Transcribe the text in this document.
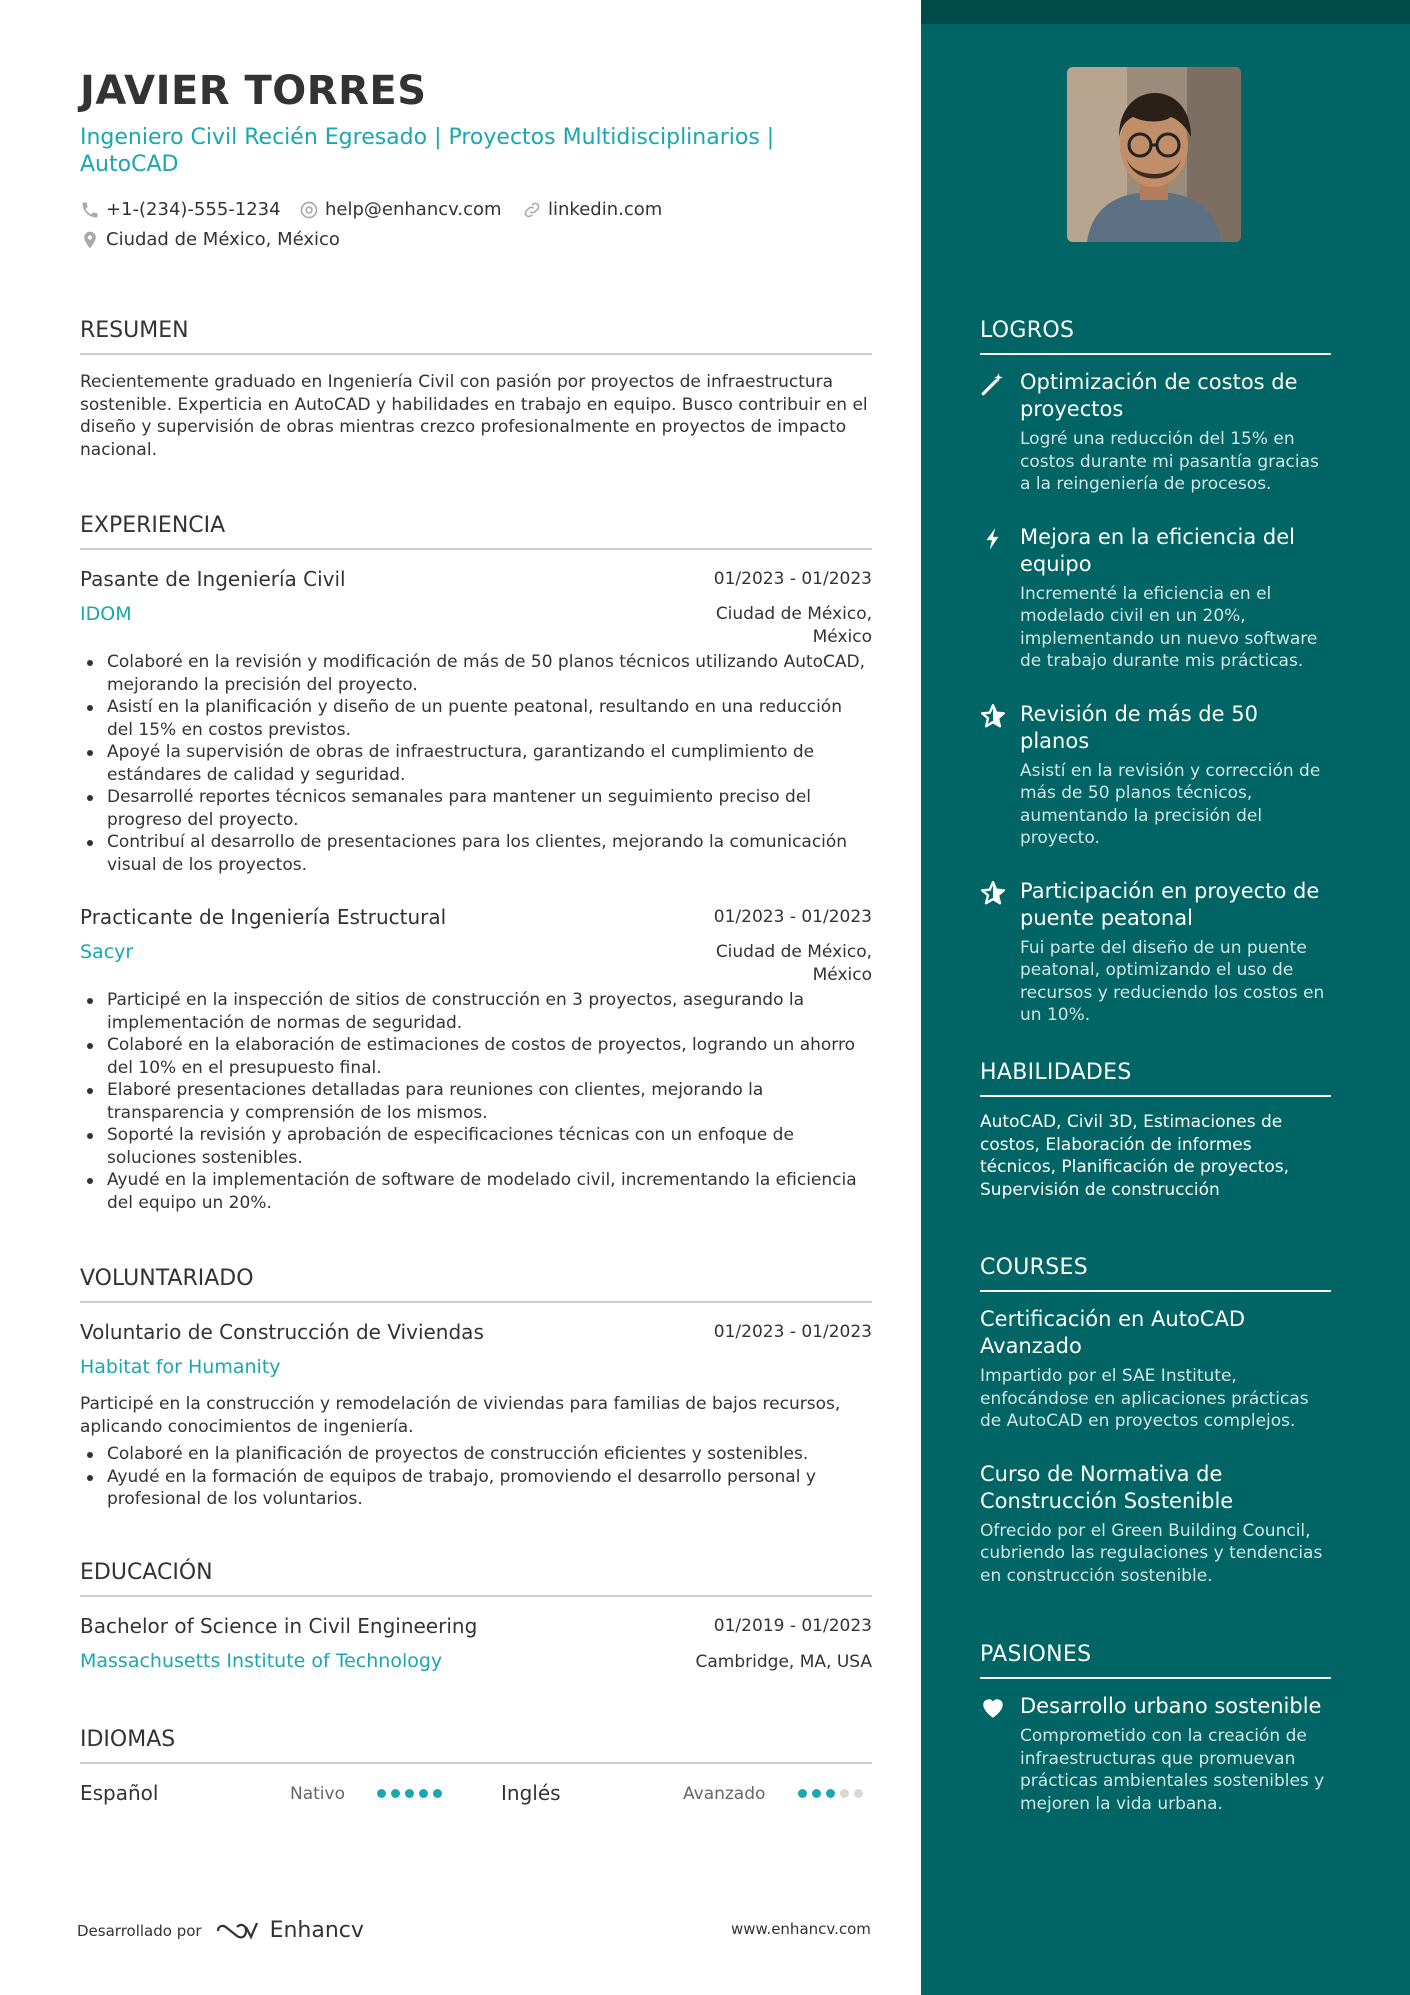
JAVIER TORRES
Ingeniero Civil Recién Egresado | Proyectos Multidisciplinarios | AutoCAD
+1-(234)-555-1234 help@enhancv.com	linkedin.com
Ciudad de México, México
RESUMEN
Recientemente graduado en Ingeniería Civil con pasión por proyectos de infraestructura sostenible. Experticia en AutoCAD y habilidades en trabajo en equipo. Busco contribuir en el diseño y supervisión de obras mientras crezco profesionalmente en proyectos de impacto nacional.
EXPERIENCIA
Pasante de Ingeniería Civil	01/2023 - 01/2023
IDOM	Ciudad de México, México
Colaboré en la revisión y modificación de más de 50 planos técnicos utilizando AutoCAD, mejorando la precisión del proyecto.
Asistí en la planificación y diseño de un puente peatonal, resultando en una reducción del 15% en costos previstos.
Apoyé la supervisión de obras de infraestructura, garantizando el cumplimiento de estándares de calidad y seguridad.
Desarrollé reportes técnicos semanales para mantener un seguimiento preciso del progreso del proyecto.
Contribuí al desarrollo de presentaciones para los clientes, mejorando la comunicación visual de los proyectos.
Practicante de Ingeniería Estructural	01/2023 - 01/2023
Sacyr	Ciudad de México, México
Participé en la inspección de sitios de construcción en 3 proyectos, asegurando la implementación de normas de seguridad.
Colaboré en la elaboración de estimaciones de costos de proyectos, logrando un ahorro del 10% en el presupuesto final.
Elaboré presentaciones detalladas para reuniones con clientes, mejorando la transparencia y comprensión de los mismos.
Soporté la revisión y aprobación de especificaciones técnicas con un enfoque de soluciones sostenibles.
Ayudé en la implementación de software de modelado civil, incrementando la eficiencia del equipo un 20%.
VOLUNTARIADO
Voluntario de Construcción de Viviendas	01/2023 - 01/2023
Habitat for Humanity
Participé en la construcción y remodelación de viviendas para familias de bajos recursos, aplicando conocimientos de ingeniería.
Colaboré en la planificación de proyectos de construcción eficientes y sostenibles.
Ayudé en la formación de equipos de trabajo, promoviendo el desarrollo personal y profesional de los voluntarios.
EDUCACIÓN
Bachelor of Science in Civil Engineering	01/2019 - 01/2023
Massachusetts Institute of Technology	Cambridge, MA, USA
IDIOMAS
Español	Nativo	Inglés	Avanzado
Desarrollado por	Enhancv	www.enhancv.com
LOGROS
Optimización de costos de proyectos
Logré una reducción del 15% en costos durante mi pasantía gracias a la reingeniería de procesos.
Mejora en la eficiencia del equipo
Incrementé la eficiencia en el modelado civil en un 20%, implementando un nuevo software de trabajo durante mis prácticas.
Revisión de más de 50 planos
Asistí en la revisión y corrección de más de 50 planos técnicos, aumentando la precisión del proyecto.
Participación en proyecto de puente peatonal
Fui parte del diseño de un puente peatonal, optimizando el uso de recursos y reduciendo los costos en un 10%.
HABILIDADES
AutoCAD, Civil 3D, Estimaciones de costos, Elaboración de informes técnicos, Planificación de proyectos, Supervisión de construcción
COURSES
Certificación en AutoCAD Avanzado
Impartido por el SAE Institute, enfocándose en aplicaciones prácticas de AutoCAD en proyectos complejos.
Curso de Normativa de Construcción Sostenible
Ofrecido por el Green Building Council, cubriendo las regulaciones y tendencias en construcción sostenible.
PASIONES
Desarrollo urbano sostenible
Comprometido con la creación de infraestructuras que promuevan prácticas ambientales sostenibles y mejoren la vida urbana.
